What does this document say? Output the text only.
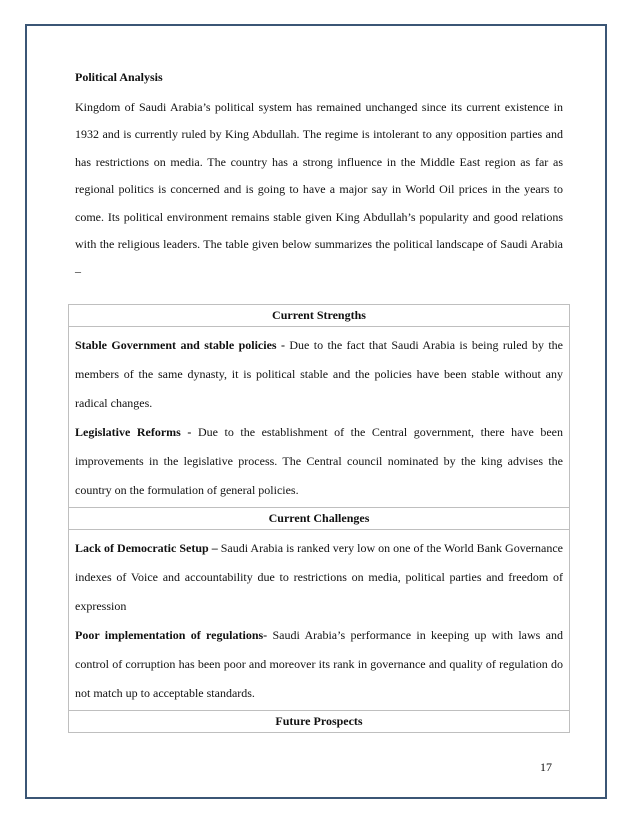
Political Analysis

Kingdom of Saudi Arabia’s political system has remained unchanged since its current existence in 1932 and is currently ruled by King Abdullah. The regime is intolerant to any opposition parties and has restrictions on media. The country has a strong influence in the Middle East region as far as regional politics is concerned and is going to have a major say in World Oil prices in the years to come. Its political environment remains stable given King Abdullah’s popularity and good relations with the religious leaders. The table given below summarizes the political landscape of Saudi Arabia –

Current Strengths

Stable Government and stable policies - Due to the fact that Saudi Arabia is being ruled by the members of the same dynasty, it is political stable and the policies have been stable without any radical changes.

Legislative Reforms - Due to the establishment of the Central government, there have been improvements in the legislative process. The Central council nominated by the king advises the country on the formulation of general policies.

Current Challenges

Lack of Democratic Setup – Saudi Arabia is ranked very low on one of the World Bank Governance indexes of Voice and accountability due to restrictions on media, political parties and freedom of expression

Poor implementation of regulations- Saudi Arabia’s performance in keeping up with laws and control of corruption has been poor and moreover its rank in governance and quality of regulation do not match up to acceptable standards.

Future Prospects
17
